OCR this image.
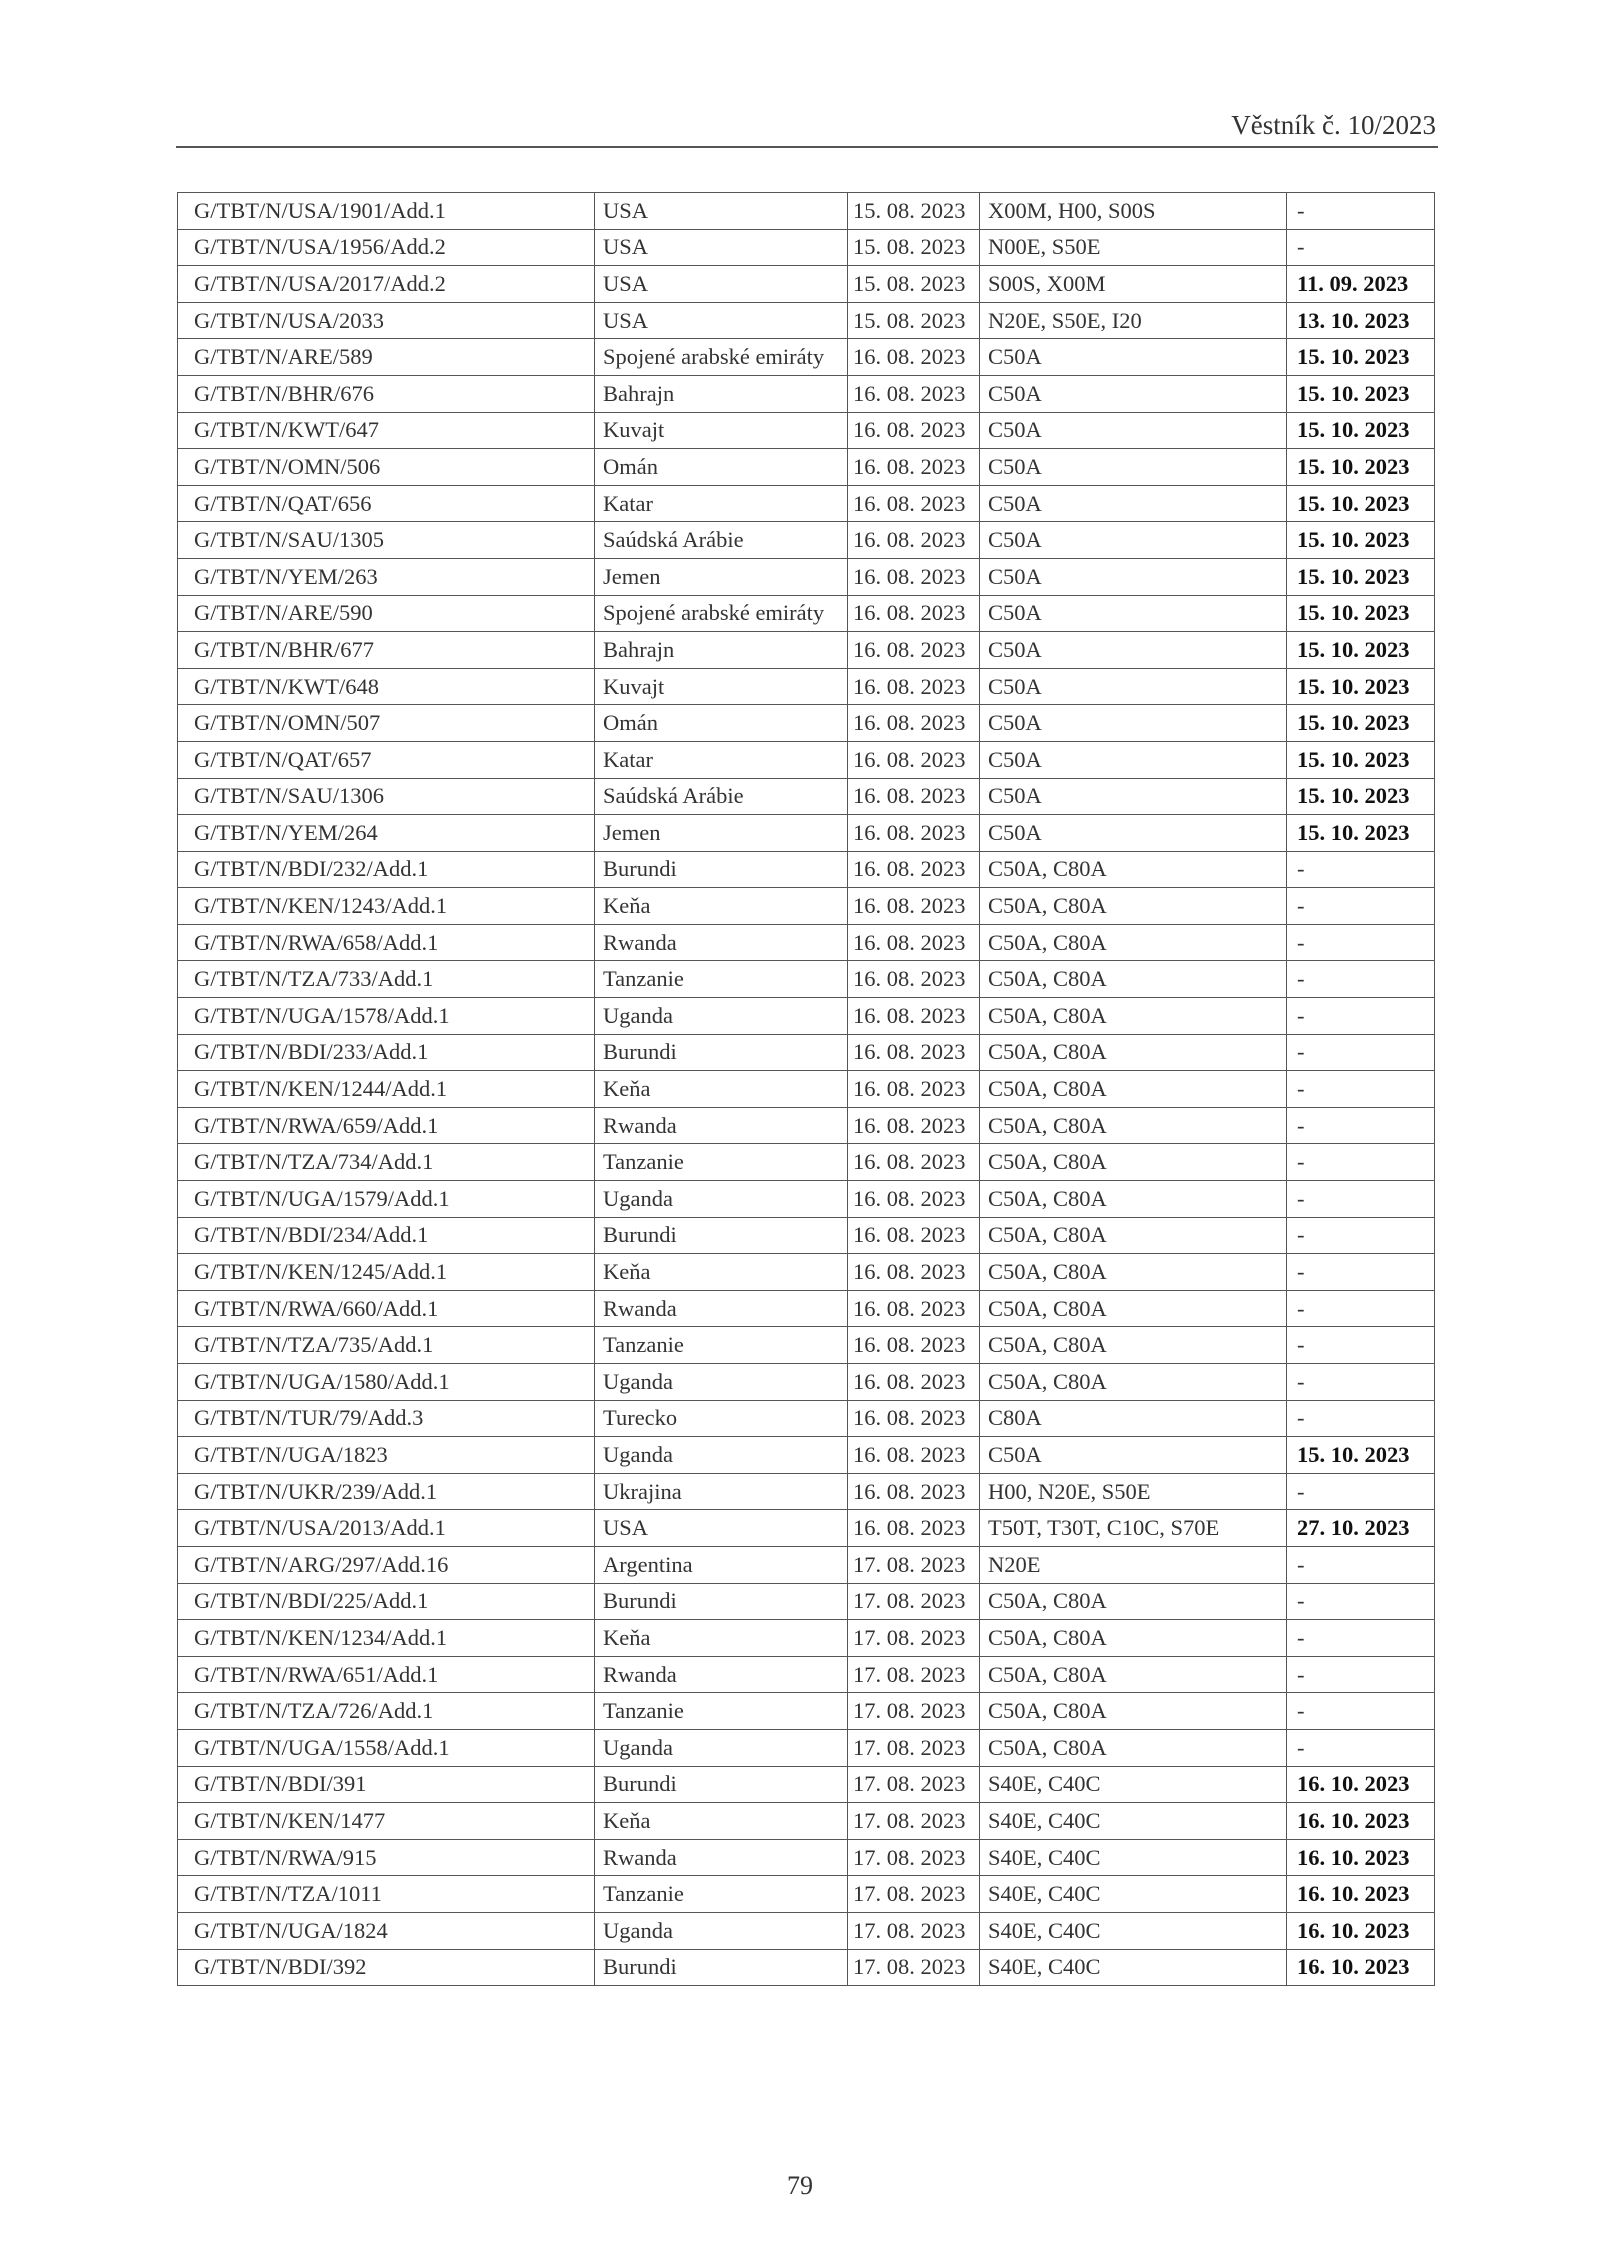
Věstník č. 10/2023
G/TBT/N/USA/1901/Add.1	USA	15. 08. 2023	X00M, H00, S00S	-
G/TBT/N/USA/1956/Add.2	USA	15. 08. 2023	N00E, S50E	-
G/TBT/N/USA/2017/Add.2	USA	15. 08. 2023	S00S, X00M	11. 09. 2023
G/TBT/N/USA/2033	USA	15. 08. 2023	N20E, S50E, I20	13. 10. 2023
G/TBT/N/ARE/589	Spojené arabské emiráty	16. 08. 2023	C50A	15. 10. 2023
G/TBT/N/BHR/676	Bahrajn	16. 08. 2023	C50A	15. 10. 2023
G/TBT/N/KWT/647	Kuvajt	16. 08. 2023	C50A	15. 10. 2023
G/TBT/N/OMN/506	Omán	16. 08. 2023	C50A	15. 10. 2023
G/TBT/N/QAT/656	Katar	16. 08. 2023	C50A	15. 10. 2023
G/TBT/N/SAU/1305	Saúdská Arábie	16. 08. 2023	C50A	15. 10. 2023
G/TBT/N/YEM/263	Jemen	16. 08. 2023	C50A	15. 10. 2023
G/TBT/N/ARE/590	Spojené arabské emiráty	16. 08. 2023	C50A	15. 10. 2023
G/TBT/N/BHR/677	Bahrajn	16. 08. 2023	C50A	15. 10. 2023
G/TBT/N/KWT/648	Kuvajt	16. 08. 2023	C50A	15. 10. 2023
G/TBT/N/OMN/507	Omán	16. 08. 2023	C50A	15. 10. 2023
G/TBT/N/QAT/657	Katar	16. 08. 2023	C50A	15. 10. 2023
G/TBT/N/SAU/1306	Saúdská Arábie	16. 08. 2023	C50A	15. 10. 2023
G/TBT/N/YEM/264	Jemen	16. 08. 2023	C50A	15. 10. 2023
G/TBT/N/BDI/232/Add.1	Burundi	16. 08. 2023	C50A, C80A	-
G/TBT/N/KEN/1243/Add.1	Keňa	16. 08. 2023	C50A, C80A	-
G/TBT/N/RWA/658/Add.1	Rwanda	16. 08. 2023	C50A, C80A	-
G/TBT/N/TZA/733/Add.1	Tanzanie	16. 08. 2023	C50A, C80A	-
G/TBT/N/UGA/1578/Add.1	Uganda	16. 08. 2023	C50A, C80A	-
G/TBT/N/BDI/233/Add.1	Burundi	16. 08. 2023	C50A, C80A	-
G/TBT/N/KEN/1244/Add.1	Keňa	16. 08. 2023	C50A, C80A	-
G/TBT/N/RWA/659/Add.1	Rwanda	16. 08. 2023	C50A, C80A	-
G/TBT/N/TZA/734/Add.1	Tanzanie	16. 08. 2023	C50A, C80A	-
G/TBT/N/UGA/1579/Add.1	Uganda	16. 08. 2023	C50A, C80A	-
G/TBT/N/BDI/234/Add.1	Burundi	16. 08. 2023	C50A, C80A	-
G/TBT/N/KEN/1245/Add.1	Keňa	16. 08. 2023	C50A, C80A	-
G/TBT/N/RWA/660/Add.1	Rwanda	16. 08. 2023	C50A, C80A	-
G/TBT/N/TZA/735/Add.1	Tanzanie	16. 08. 2023	C50A, C80A	-
G/TBT/N/UGA/1580/Add.1	Uganda	16. 08. 2023	C50A, C80A	-
G/TBT/N/TUR/79/Add.3	Turecko	16. 08. 2023	C80A	-
G/TBT/N/UGA/1823	Uganda	16. 08. 2023	C50A	15. 10. 2023
G/TBT/N/UKR/239/Add.1	Ukrajina	16. 08. 2023	H00, N20E, S50E	-
G/TBT/N/USA/2013/Add.1	USA	16. 08. 2023	T50T, T30T, C10C, S70E	27. 10. 2023
G/TBT/N/ARG/297/Add.16	Argentina	17. 08. 2023	N20E	-
G/TBT/N/BDI/225/Add.1	Burundi	17. 08. 2023	C50A, C80A	-
G/TBT/N/KEN/1234/Add.1	Keňa	17. 08. 2023	C50A, C80A	-
G/TBT/N/RWA/651/Add.1	Rwanda	17. 08. 2023	C50A, C80A	-
G/TBT/N/TZA/726/Add.1	Tanzanie	17. 08. 2023	C50A, C80A	-
G/TBT/N/UGA/1558/Add.1	Uganda	17. 08. 2023	C50A, C80A	-
G/TBT/N/BDI/391	Burundi	17. 08. 2023	S40E, C40C	16. 10. 2023
G/TBT/N/KEN/1477	Keňa	17. 08. 2023	S40E, C40C	16. 10. 2023
G/TBT/N/RWA/915	Rwanda	17. 08. 2023	S40E, C40C	16. 10. 2023
G/TBT/N/TZA/1011	Tanzanie	17. 08. 2023	S40E, C40C	16. 10. 2023
G/TBT/N/UGA/1824	Uganda	17. 08. 2023	S40E, C40C	16. 10. 2023
G/TBT/N/BDI/392	Burundi	17. 08. 2023	S40E, C40C	16. 10. 2023
79
